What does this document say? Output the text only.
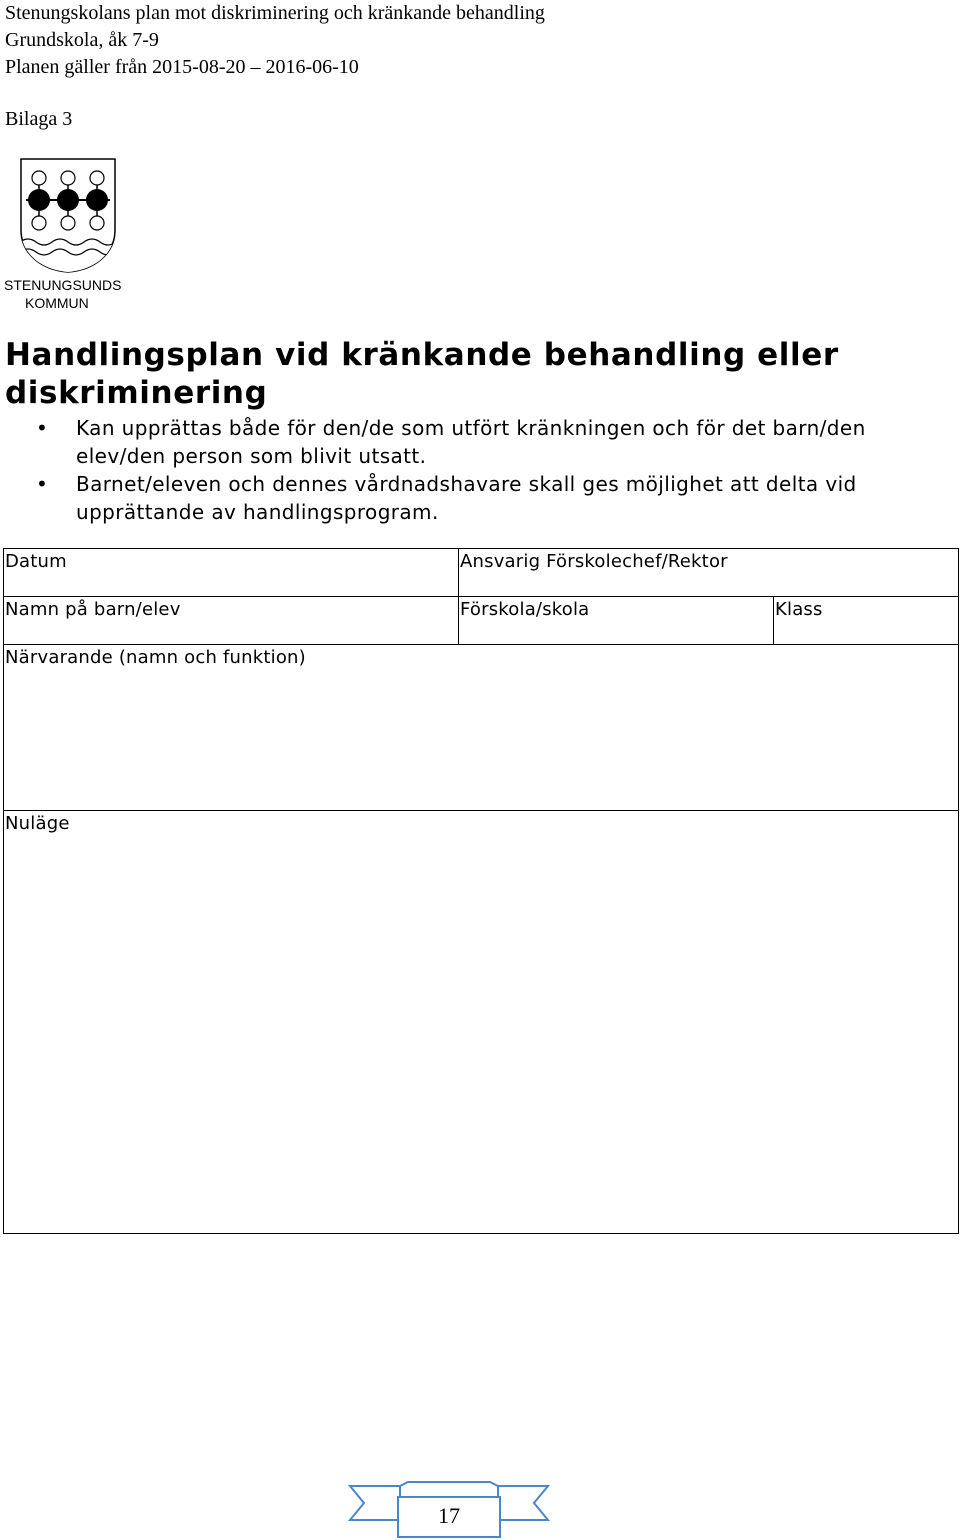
Stenungskolans plan mot diskriminering och kränkande behandling
Grundskola, åk 7-9
Planen gäller från 2015-08-20 – 2016-06-10
Bilaga 3
STENUNGSUNDS
KOMMUN
Handlingsplan vid kränkande behandling eller diskriminering
• Kan upprättas både för den/de som utfört kränkningen och för det barn/den elev/den person som blivit utsatt.
• Barnet/eleven och dennes vårdnadshavare skall ges möjlighet att delta vid upprättande av handlingsprogram.
Datum	Ansvarig Förskolechef/Rektor	
Namn på barn/elev	Förskola/skola	Klass
Närvarande (namn och funktion)		
Nuläge		
17
